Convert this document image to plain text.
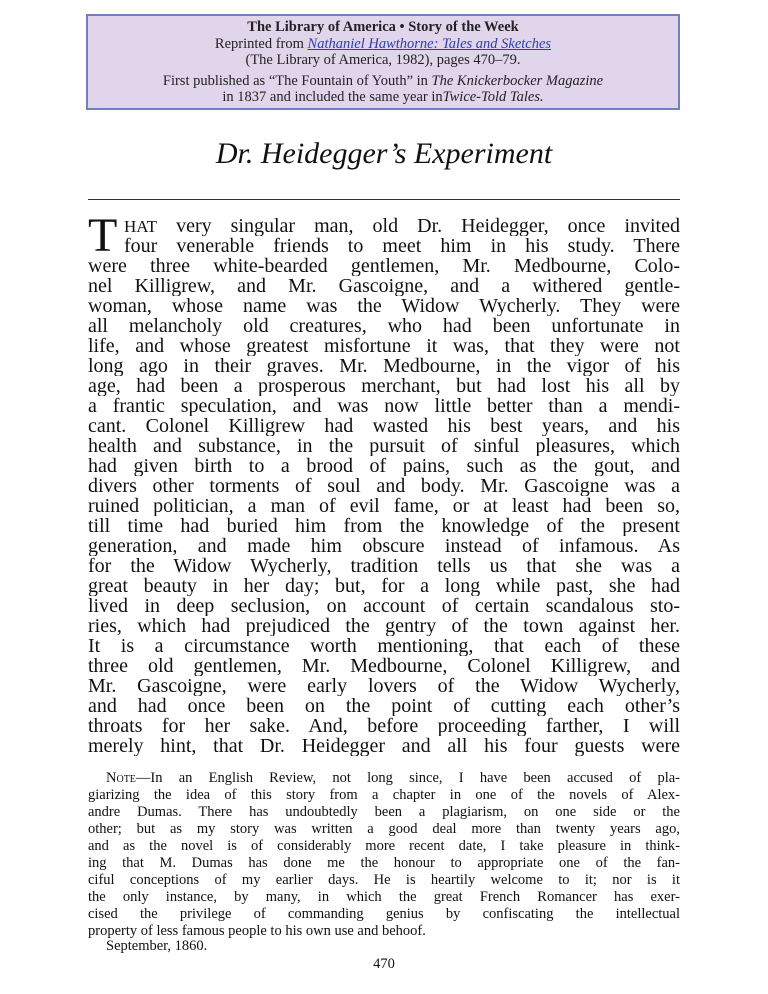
The Library of America • Story of the Week
Reprinted from Nathaniel Hawthorne: Tales and Sketches
(The Library of America, 1982), pages 470–79.
First published as “The Fountain of Youth” in The Knickerbocker Magazine
in 1837 and included the same year inTwice-Told Tales.
Dr. Heidegger’s Experiment
T HAT very singular man, old Dr. Heidegger, once invited
four venerable friends to meet him in his study. There
were three white-bearded gentlemen, Mr. Medbourne, Colo-
nel Killigrew, and Mr. Gascoigne, and a withered gentle-
woman, whose name was the Widow Wycherly. They were
all melancholy old creatures, who had been unfortunate in
life, and whose greatest misfortune it was, that they were not
long ago in their graves. Mr. Medbourne, in the vigor of his
age, had been a prosperous merchant, but had lost his all by
a frantic speculation, and was now little better than a mendi-
cant. Colonel Killigrew had wasted his best years, and his
health and substance, in the pursuit of sinful pleasures, which
had given birth to a brood of pains, such as the gout, and
divers other torments of soul and body. Mr. Gascoigne was a
ruined politician, a man of evil fame, or at least had been so,
till time had buried him from the knowledge of the present
generation, and made him obscure instead of infamous. As
for the Widow Wycherly, tradition tells us that she was a
great beauty in her day; but, for a long while past, she had
lived in deep seclusion, on account of certain scandalous sto-
ries, which had prejudiced the gentry of the town against her.
It is a circumstance worth mentioning, that each of these
three old gentlemen, Mr. Medbourne, Colonel Killigrew, and
Mr. Gascoigne, were early lovers of the Widow Wycherly,
and had once been on the point of cutting each other’s
throats for her sake. And, before proceeding farther, I will
merely hint, that Dr. Heidegger and all his four guests were
Note—In an English Review, not long since, I have been accused of pla-
giarizing the idea of this story from a chapter in one of the novels of Alex-
andre Dumas. There has undoubtedly been a plagiarism, on one side or the
other; but as my story was written a good deal more than twenty years ago,
and as the novel is of considerably more recent date, I take pleasure in think-
ing that M. Dumas has done me the honour to appropriate one of the fan-
ciful conceptions of my earlier days. He is heartily welcome to it; nor is it
the only instance, by many, in which the great French Romancer has exer-
cised the privilege of commanding genius by confiscating the intellectual
property of less famous people to his own use and behoof.
September, 1860.
470
